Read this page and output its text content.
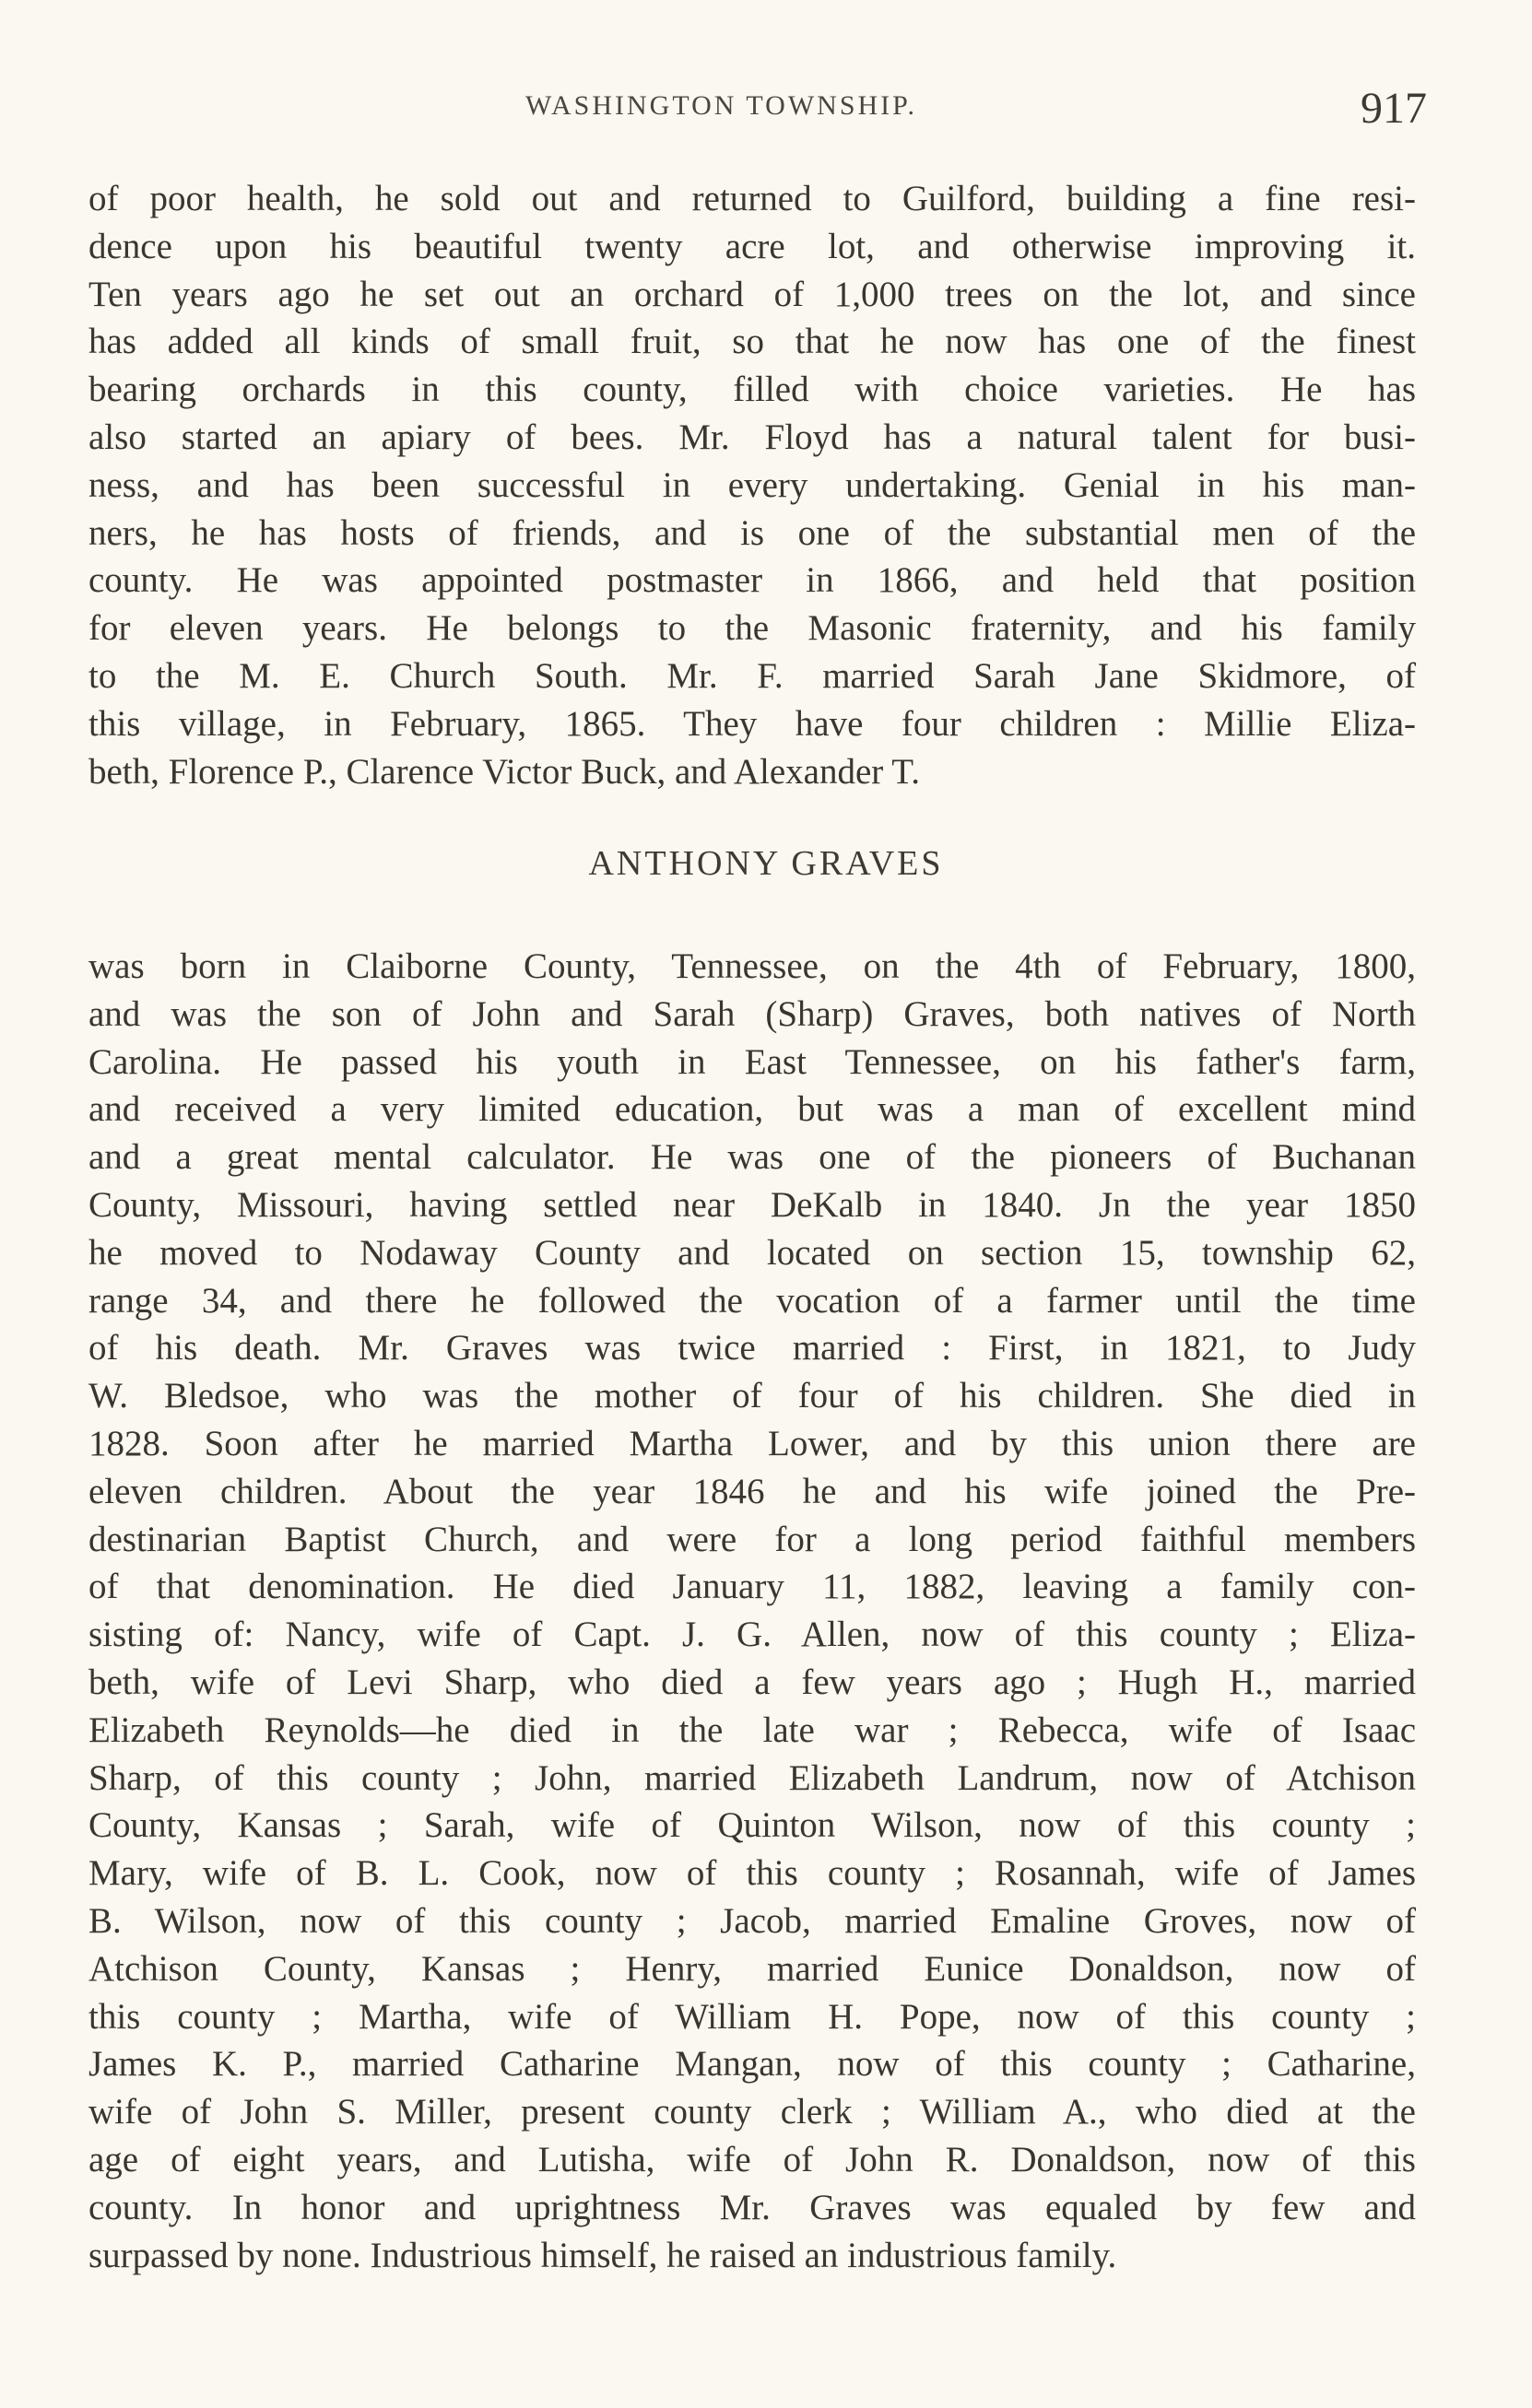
WASHINGTON TOWNSHIP.	917
of poor health, he sold out and returned to Guilford, building a fine resi-
dence upon his beautiful twenty acre lot, and otherwise improving it.
Ten years ago he set out an orchard of 1,000 trees on the lot, and since
has added all kinds of small fruit, so that he now has one of the finest
bearing orchards in this county, filled with choice varieties. He has
also started an apiary of bees. Mr. Floyd has a natural talent for busi-
ness, and has been successful in every undertaking. Genial in his man-
ners, he has hosts of friends, and is one of the substantial men of the
county. He was appointed postmaster in 1866, and held that position
for eleven years. He belongs to the Masonic fraternity, and his family
to the M. E. Church South. Mr. F. married Sarah Jane Skidmore, of
this village, in February, 1865. They have four children : Millie Eliza-
beth, Florence P., Clarence Victor Buck, and Alexander T.
ANTHONY GRAVES
was born in Claiborne County, Tennessee, on the 4th of February, 1800,
and was the son of John and Sarah (Sharp) Graves, both natives of North
Carolina. He passed his youth in East Tennessee, on his father's farm,
and received a very limited education, but was a man of excellent mind
and a great mental calculator. He was one of the pioneers of Buchanan
County, Missouri, having settled near DeKalb in 1840. Jn the year 1850
he moved to Nodaway County and located on section 15, township 62,
range 34, and there he followed the vocation of a farmer until the time
of his death. Mr. Graves was twice married : First, in 1821, to Judy
W. Bledsoe, who was the mother of four of his children. She died in
1828. Soon after he married Martha Lower, and by this union there are
eleven children. About the year 1846 he and his wife joined the Pre-
destinarian Baptist Church, and were for a long period faithful members
of that denomination. He died January 11, 1882, leaving a family con-
sisting of: Nancy, wife of Capt. J. G. Allen, now of this county ; Eliza-
beth, wife of Levi Sharp, who died a few years ago ; Hugh H., married
Elizabeth Reynolds—he died in the late war ; Rebecca, wife of Isaac
Sharp, of this county ; John, married Elizabeth Landrum, now of Atchison
County, Kansas ; Sarah, wife of Quinton Wilson, now of this county ;
Mary, wife of B. L. Cook, now of this county ; Rosannah, wife of James
B. Wilson, now of this county ; Jacob, married Emaline Groves, now of
Atchison County, Kansas ; Henry, married Eunice Donaldson, now of
this county ; Martha, wife of William H. Pope, now of this county ;
James K. P., married Catharine Mangan, now of this county ; Catharine,
wife of John S. Miller, present county clerk ; William A., who died at the
age of eight years, and Lutisha, wife of John R. Donaldson, now of this
county. In honor and uprightness Mr. Graves was equaled by few and
surpassed by none. Industrious himself, he raised an industrious family.
